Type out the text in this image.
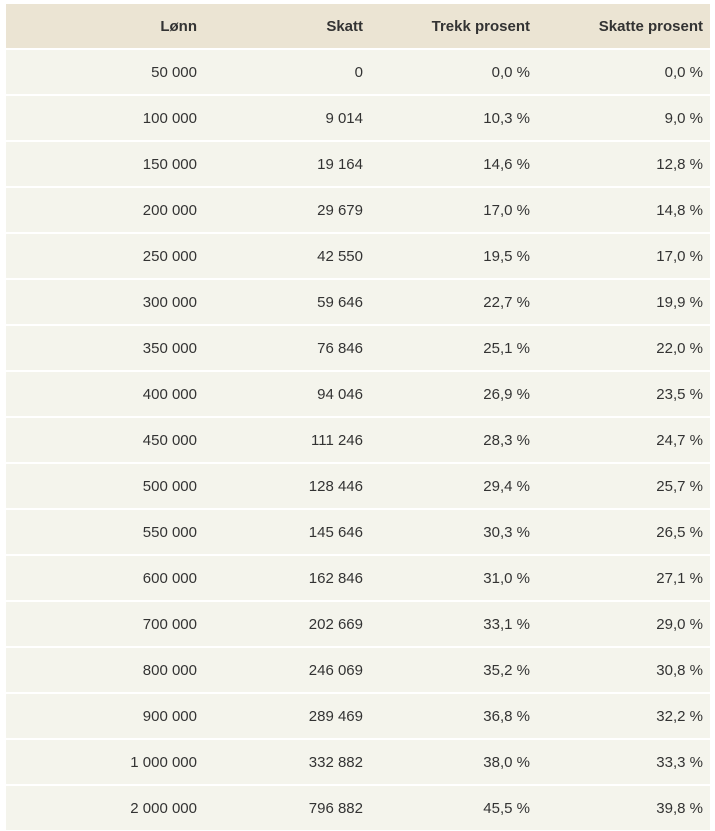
Lønn	Skatt	Trekk prosent	Skatte prosent
50 000	0	0,0 %	0,0 %
100 000	9 014	10,3 %	9,0 %
150 000	19 164	14,6 %	12,8 %
200 000	29 679	17,0 %	14,8 %
250 000	42 550	19,5 %	17,0 %
300 000	59 646	22,7 %	19,9 %
350 000	76 846	25,1 %	22,0 %
400 000	94 046	26,9 %	23,5 %
450 000	111 246	28,3 %	24,7 %
500 000	128 446	29,4 %	25,7 %
550 000	145 646	30,3 %	26,5 %
600 000	162 846	31,0 %	27,1 %
700 000	202 669	33,1 %	29,0 %
800 000	246 069	35,2 %	30,8 %
900 000	289 469	36,8 %	32,2 %
1 000 000	332 882	38,0 %	33,3 %
2 000 000	796 882	45,5 %	39,8 %
